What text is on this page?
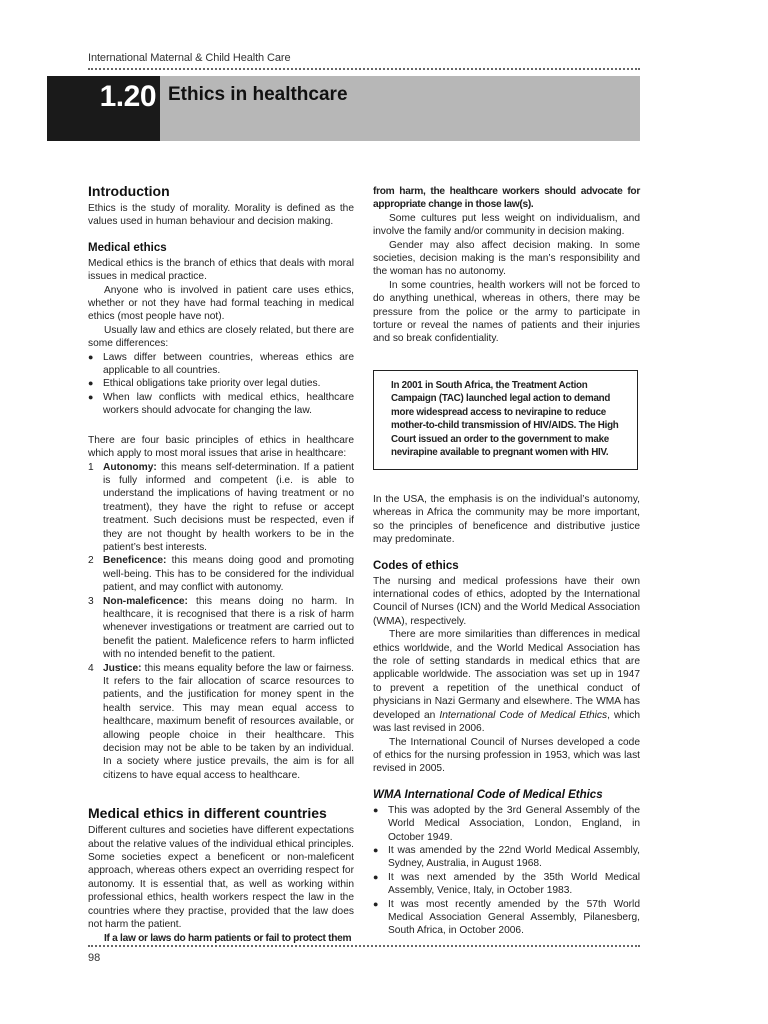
International Maternal & Child Health Care
1.20 Ethics in healthcare
Introduction

Ethics is the study of morality. Morality is defined as the values used in human behaviour and decision making.

Medical ethics

Medical ethics is the branch of ethics that deals with moral issues in medical practice.

Anyone who is involved in patient care uses ethics, whether or not they have had formal teaching in medical ethics (most people have not).

Usually law and ethics are closely related, but there are some differences:

● Laws differ between countries, whereas ethics are applicable to all countries.
● Ethical obligations take priority over legal duties.
● When law conflicts with medical ethics, healthcare workers should advocate for changing the law.

There are four basic principles of ethics in healthcare which apply to most moral issues that arise in healthcare:

1 Autonomy: this means self-determination. If a patient is fully informed and competent (i.e. is able to understand the implications of having treatment or no treatment), they have the right to refuse or accept treatment. Such decisions must be respected, even if they are not thought by health workers to be in the patient’s best interests.
2 Beneficence: this means doing good and promoting well-being. This has to be considered for the individual patient, and may conflict with autonomy.
3 Non-maleficence: this means doing no harm. In healthcare, it is recognised that there is a risk of harm whenever investigations or treatment are carried out to benefit the patient. Maleficence refers to harm inflicted with no intended benefit to the patient.
4 Justice: this means equality before the law or fairness. It refers to the fair allocation of scarce resources to patients, and the justification for money spent in the health service. This may mean equal access to healthcare, maximum benefit of resources available, or allowing people choice in their healthcare. This decision may not be able to be taken by an individual. In a society where justice prevails, the aim is for all citizens to have equal access to healthcare.
Medical ethics in different countries

Different cultures and societies have different expectations about the relative values of the individual ethical principles. Some societies expect a beneficent or non-maleficent approach, whereas others expect an overriding respect for autonomy. It is essential that, as well as working within professional ethics, health workers respect the law in the countries where they practise, provided that the law does not harm the patient.

If a law or laws do harm patients or fail to protect them

from harm, the healthcare workers should advocate for appropriate change in those law(s).

Some cultures put less weight on individualism, and involve the family and/or community in decision making.

Gender may also affect decision making. In some societies, decision making is the man’s responsibility and the woman has no autonomy.

In some countries, health workers will not be forced to do anything unethical, whereas in others, there may be pressure from the police or the army to participate in torture or reveal the names of patients and their injuries and so break confidentiality.

In 2001 in South Africa, the Treatment Action Campaign (TAC) launched legal action to demand more widespread access to nevirapine to reduce mother-to-child transmission of HIV/AIDS. The High Court issued an order to the government to make nevirapine available to pregnant women with HIV.

In the USA, the emphasis is on the individual’s autonomy, whereas in Africa the community may be more important, so the principles of beneficence and distributive justice may predominate.

Codes of ethics

The nursing and medical professions have their own international codes of ethics, adopted by the International Council of Nurses (ICN) and the World Medical Association (WMA), respectively.

There are more similarities than differences in medical ethics worldwide, and the World Medical Association has the role of setting standards in medical ethics that are applicable worldwide. The association was set up in 1947 to prevent a repetition of the unethical conduct of physicians in Nazi Germany and elsewhere. The WMA has developed an International Code of Medical Ethics, which was last revised in 2006.

The International Council of Nurses developed a code of ethics for the nursing profession in 1953, which was last revised in 2005.

WMA International Code of Medical Ethics
● This was adopted by the 3rd General Assembly of the World Medical Association, London, England, in October 1949.
● It was amended by the 22nd World Medical Assembly, Sydney, Australia, in August 1968.
● It was next amended by the 35th World Medical Assembly, Venice, Italy, in October 1983.
● It was most recently amended by the 57th World Medical Association General Assembly, Pilanesberg, South Africa, in October 2006.
98
